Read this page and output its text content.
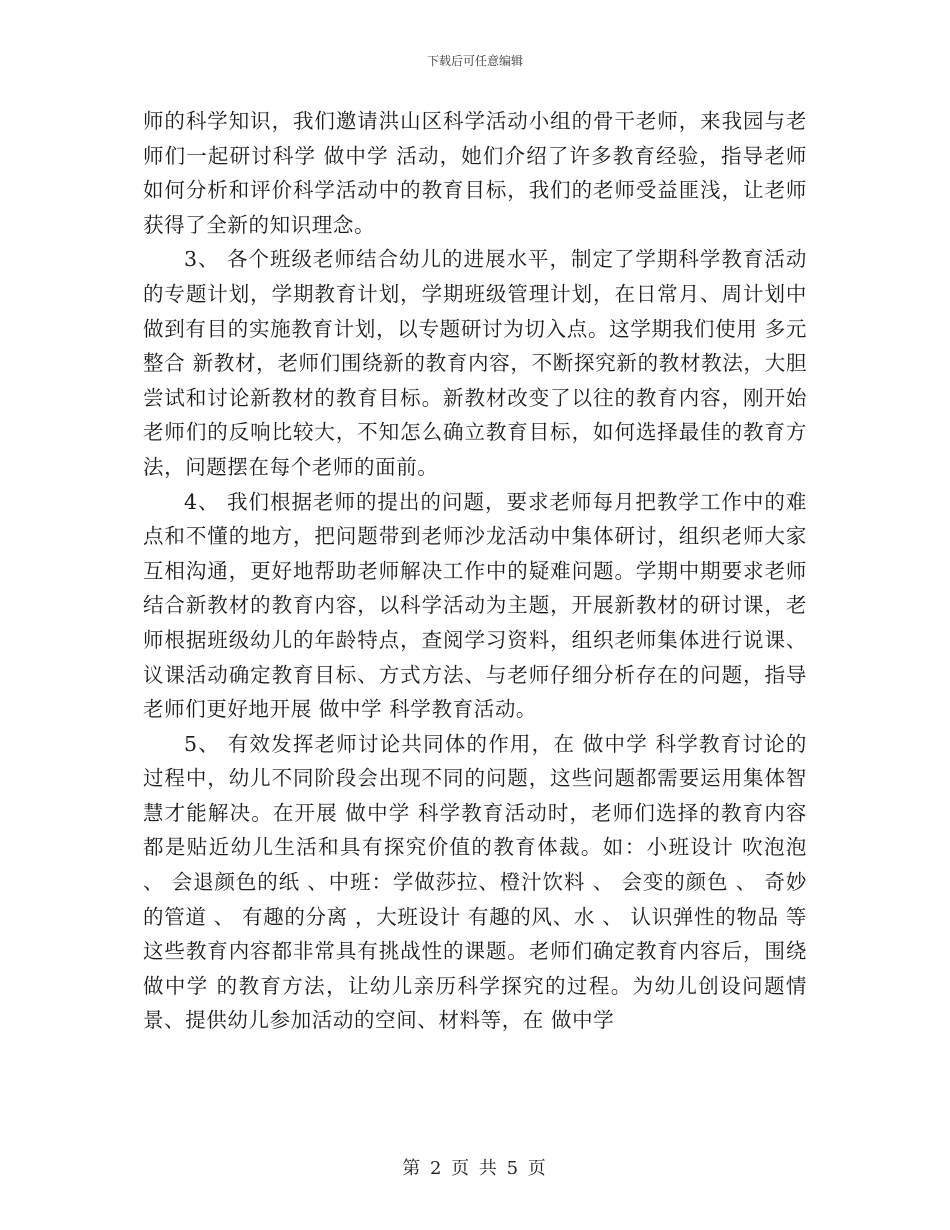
下载后可任意编辑

师的科学知识，我们邀请洪山区科学活动小组的骨干老师，来我园与老师们一起研讨科学 做中学 活动，她们介绍了许多教育经验，指导老师如何分析和评价科学活动中的教育目标，我们的老师受益匪浅，让老师获得了全新的知识理念。

3、 各个班级老师结合幼儿的进展水平，制定了学期科学教育活动的专题计划，学期教育计划，学期班级管理计划，在日常月、周计划中做到有目的实施教育计划，以专题研讨为切入点。这学期我们使用 多元整合 新教材，老师们围绕新的教育内容，不断探究新的教材教法，大胆尝试和讨论新教材的教育目标。新教材改变了以往的教育内容，刚开始老师们的反响比较大，不知怎么确立教育目标，如何选择最佳的教育方法，问题摆在每个老师的面前。

4、 我们根据老师的提出的问题，要求老师每月把教学工作中的难点和不懂的地方，把问题带到老师沙龙活动中集体研讨，组织老师大家互相沟通，更好地帮助老师解决工作中的疑难问题。学期中期要求老师结合新教材的教育内容，以科学活动为主题，开展新教材的研讨课，老师根据班级幼儿的年龄特点，查阅学习资料，组织老师集体进行说课、议课活动确定教育目标、方式方法、与老师仔细分析存在的问题，指导老师们更好地开展 做中学 科学教育活动。

5、 有效发挥老师讨论共同体的作用，在 做中学 科学教育讨论的过程中，幼儿不同阶段会出现不同的问题，这些问题都需要运用集体智慧才能解决。在开展 做中学 科学教育活动时，老师们选择的教育内容都是贴近幼儿生活和具有探究价值的教育体裁。如：小班设计 吹泡泡 、 会退颜色的纸 、中班：学做莎拉、橙汁饮料 、 会变的颜色 、 奇妙的管道 、 有趣的分离 ，大班设计 有趣的风、水 、 认识弹性的物品 等这些教育内容都非常具有挑战性的课题。老师们确定教育内容后，围绕 做中学 的教育方法，让幼儿亲历科学探究的过程。为幼儿创设问题情景、提供幼儿参加活动的空间、材料等，在 做中学

第 2 页 共 5 页
